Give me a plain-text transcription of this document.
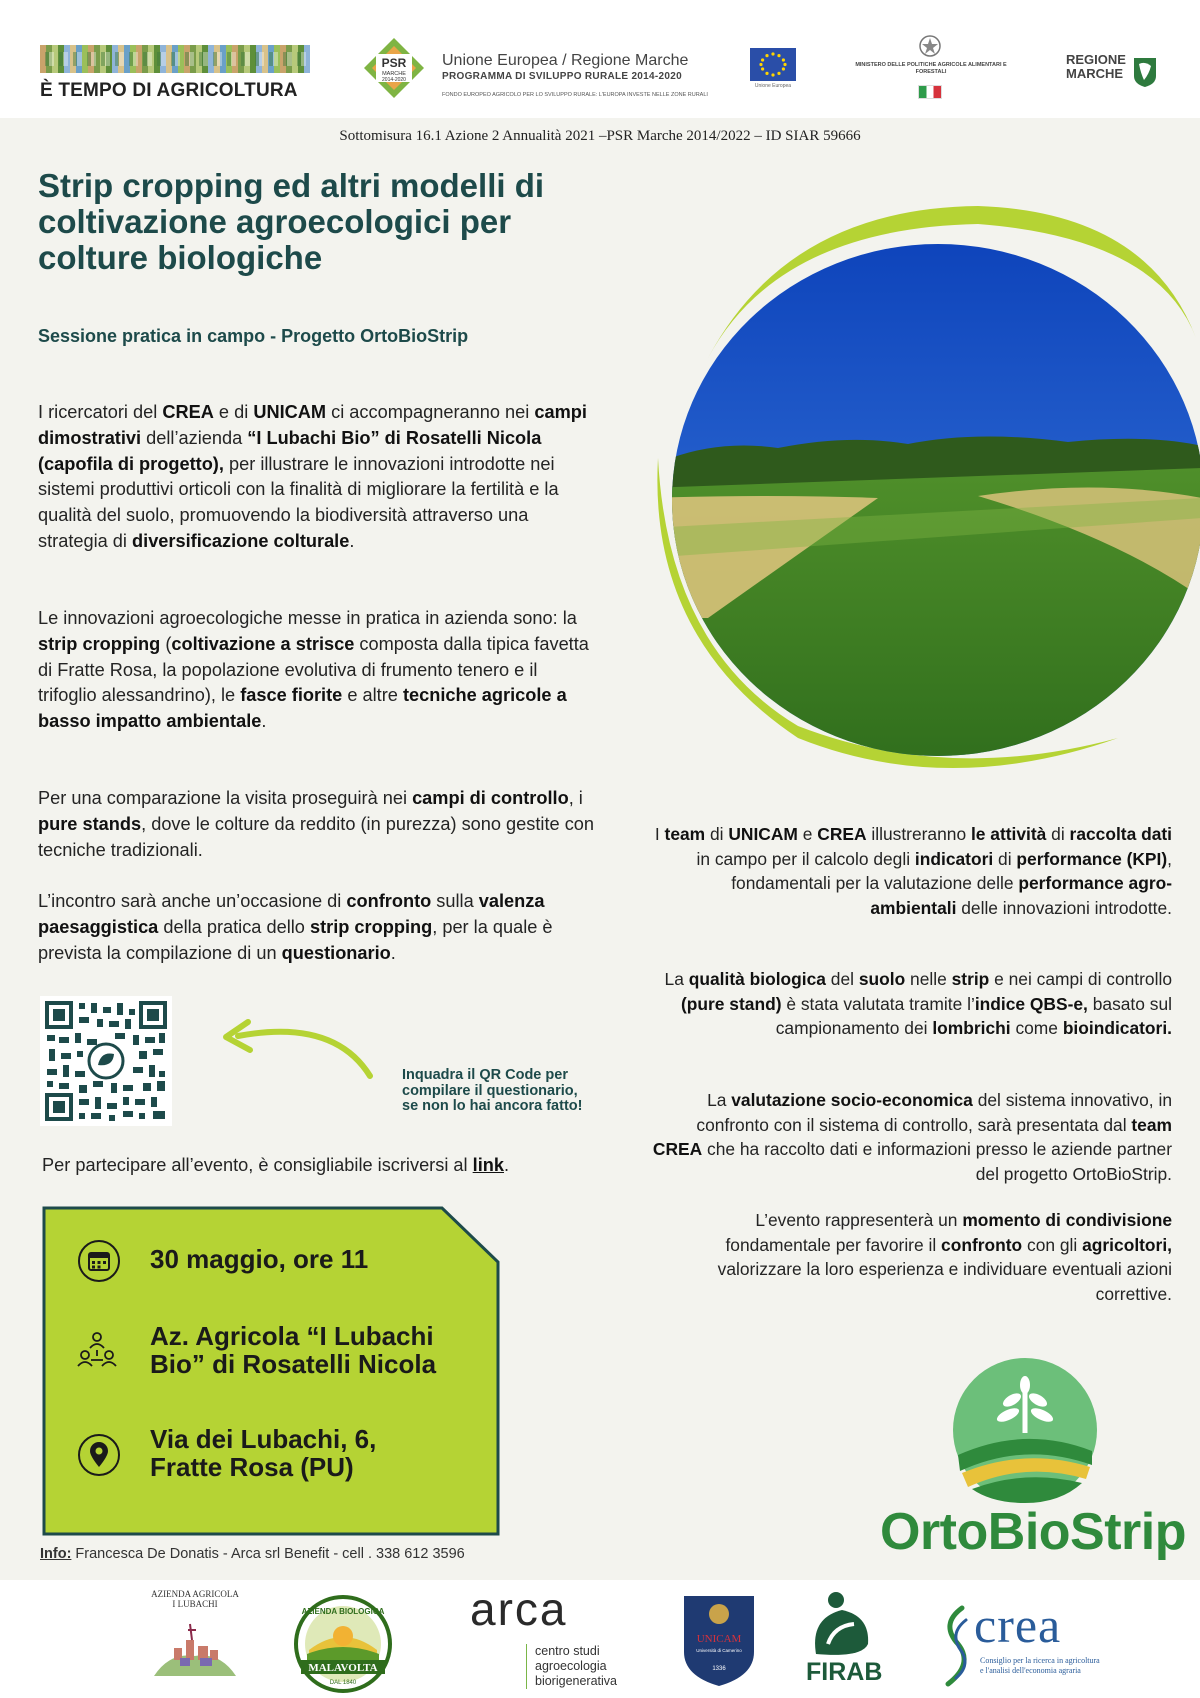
È TEMPO DI AGRICOLTURA
PSR
MARCHE
2014-2020
Unione Europea / Regione Marche
PROGRAMMA DI SVILUPPO RURALE 2014-2020
FONDO EUROPEO AGRICOLO PER LO SVILUPPO RURALE: L'EUROPA INVESTE NELLE ZONE RURALI
Unione Europea
MINISTERO DELLE POLITICHE AGRICOLE ALIMENTARI E FORESTALI
REGIONE
MARCHE
Sottomisura 16.1 Azione 2 Annualità 2021 –PSR Marche 2014/2022 – ID SIAR 59666
Strip cropping ed altri modelli di coltivazione agroecologici per colture biologiche
Sessione pratica in campo - Progetto OrtoBioStrip
I ricercatori del CREA e di UNICAM ci accompagneranno nei campi dimostrativi dell’azienda “I Lubachi Bio” di Rosatelli Nicola (capofila di progetto), per illustrare le innovazioni introdotte nei sistemi produttivi orticoli con la finalità di migliorare la fertilità e la qualità del suolo, promuovendo la biodiversità attraverso una strategia di diversificazione colturale.
Le innovazioni agroecologiche messe in pratica in azienda sono: la strip cropping (coltivazione a strisce composta dalla tipica favetta di Fratte Rosa, la popolazione evolutiva di frumento tenero e il trifoglio alessandrino), le fasce fiorite e altre tecniche agricole a basso impatto ambientale.
Per una comparazione la visita proseguirà nei campi di controllo, i pure stands, dove le colture da reddito (in purezza) sono gestite con tecniche tradizionali.
L’incontro sarà anche un’occasione di confronto sulla valenza paesaggistica della pratica dello strip cropping, per la quale è prevista la compilazione di un questionario.
Inquadra il QR Code per compilare il questionario, se non lo hai ancora fatto!
Per partecipare all’evento, è consigliabile iscriversi al link.
30 maggio, ore 11
Az. Agricola “I Lubachi
Bio” di Rosatelli Nicola
Via dei Lubachi, 6,
Fratte Rosa (PU)
Info: Francesca De Donatis - Arca srl Benefit - cell . 338 612 3596
I team di UNICAM e CREA illustreranno le attività di raccolta dati in campo per il calcolo degli indicatori di performance (KPI), fondamentali per la valutazione delle performance agro-ambientali delle innovazioni introdotte.
La qualità biologica del suolo nelle strip e nei campi di controllo (pure stand) è stata valutata tramite l’indice QBS-e, basato sul campionamento dei lombrichi come bioindicatori.
La valutazione socio-economica del sistema innovativo, in confronto con il sistema di controllo, sarà presentata dal team CREA che ha raccolto dati e informazioni presso le aziende partner del progetto OrtoBioStrip.
L’evento rappresenterà un momento di condivisione fondamentale per favorire il confronto con gli agricoltori, valorizzare la loro esperienza e individuare eventuali azioni correttive.
OrtoBioStrip
AZIENDA AGRICOLA I LUBACHI
AZIENDA BIOLOGICA
MALAVOLTA
DAL 1840
arca
centro studi
agroecologia
biorigenerativa
UNICAM
Università di Camerino
1336	FIRAB
crea
Consiglio per la ricerca in agricoltura e l'analisi dell'economia agraria
